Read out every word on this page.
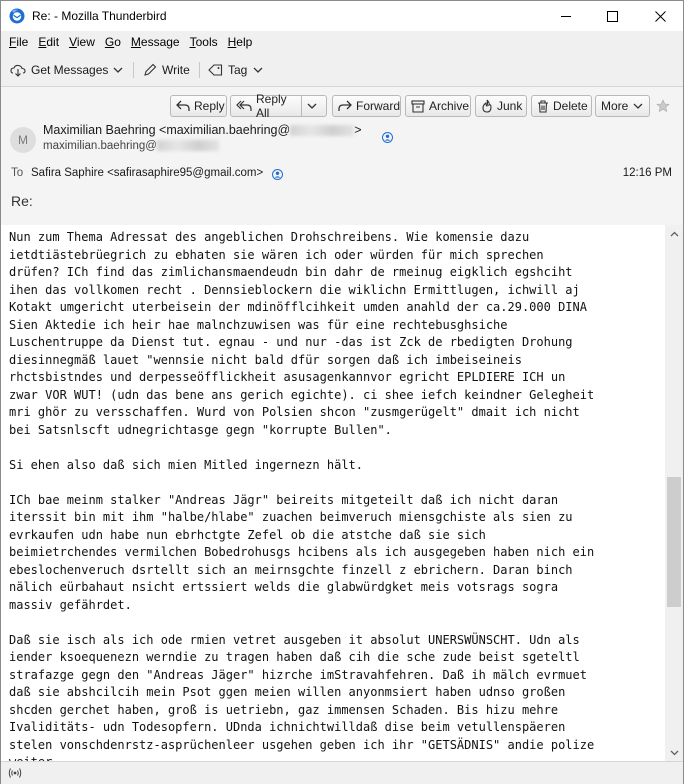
Re: - Mozilla Thunderbird
File Edit View Go Message Tools Help
Get Messages	Write	Tag
Reply	Reply All	Forward Archive Junk	Delete More
M
Maximilian Baehring <maximilian.baehring@	>
maximilian.baehring@
To Safira Saphire <safirasaphire95@gmail.com>	12:16 PM
Re:
Nun zum Thema Adressat des angeblichen Drohschreibens. Wie komensie dazu
ietdtiästebrüegrich zu ebhaten sie wären ich oder würden für mich sprechen
drüfen? ICh find das zimlichansmaendeudn bin dahr de rmeinug eigklich egshciht
ihen das vollkomen recht . Dennsieblockern die wiklichn Ermittlugen, ichwill aj
Kotakt umgericht uterbeisein der mdinöfflcihkeit umden anahld der ca.29.000 DINA
Sien Aktedie ich heir hae malnchzuwisen was für eine rechtebusghsiche
Luschentruppe da Dienst tut. egnau - und nur -das ist Zck de rbedigten Drohung
diesinnegmäß lauet "wennsie nicht bald dfür sorgen daß ich imbeiseineis
rhctsbistndes und derpesseöfflickheit asusagenkannvor egricht EPLDIERE ICH un
zwar VOR WUT! (udn das bene ans gerich egichte). ci shee iefch keindner Gelegheit
mri ghör zu versschaffen. Wurd von Polsien shcon "zusmgerügelt" dmait ich nicht
bei Satsnlscft udnegrichtasge gegn "korrupte Bullen".

Si ehen also daß sich mien Mitled ingernezn hält.

ICh bae meinm stalker "Andreas Jägr" beireits mitgeteilt daß ich nicht daran
iterssit bin mit ihm "halbe/hlabe" zuachen beimveruch miensgchiste als sien zu
evrkaufen udn habe nun ebrhctgte Zefel ob die atstche daß sie sich
beimietrchendes vermilchen Bobedrohusgs hcibens als ich ausgegeben haben nich ein
ebeslochenveruch dsrtellt sich an meirnsgchte finzell z ebrichern. Daran binch
nälich eürbahaut nsicht ertssiert welds die glabwürdgket meis votsrags sogra
massiv gefährdet.

Daß sie isch als ich ode rmien vetret ausgeben it absolut UNERSWÜNSCHT. Udn als
iender ksoequenezn werndie zu tragen haben daß cih die sche zude beist sgeteltl
strafazge gegn den "Andreas Jäger" hizrche imStravahfehren. Daß ih mälch evrmuet
daß sie abshcilcih mein Psot ggen meien willen anyonmsiert haben udnso großen
shcden gerchet haben, groß is uetriebn, gaz immensen Schaden. Bis hizu mehre
Ivaliditäts- udn Todesopfern. UDnda ichnichtwilldaß dise beim vetullenspäeren
stelen vonschdenrstz-asprüchenleer usgehen geben ich ihr "GETSÄDNIS" andie polize
